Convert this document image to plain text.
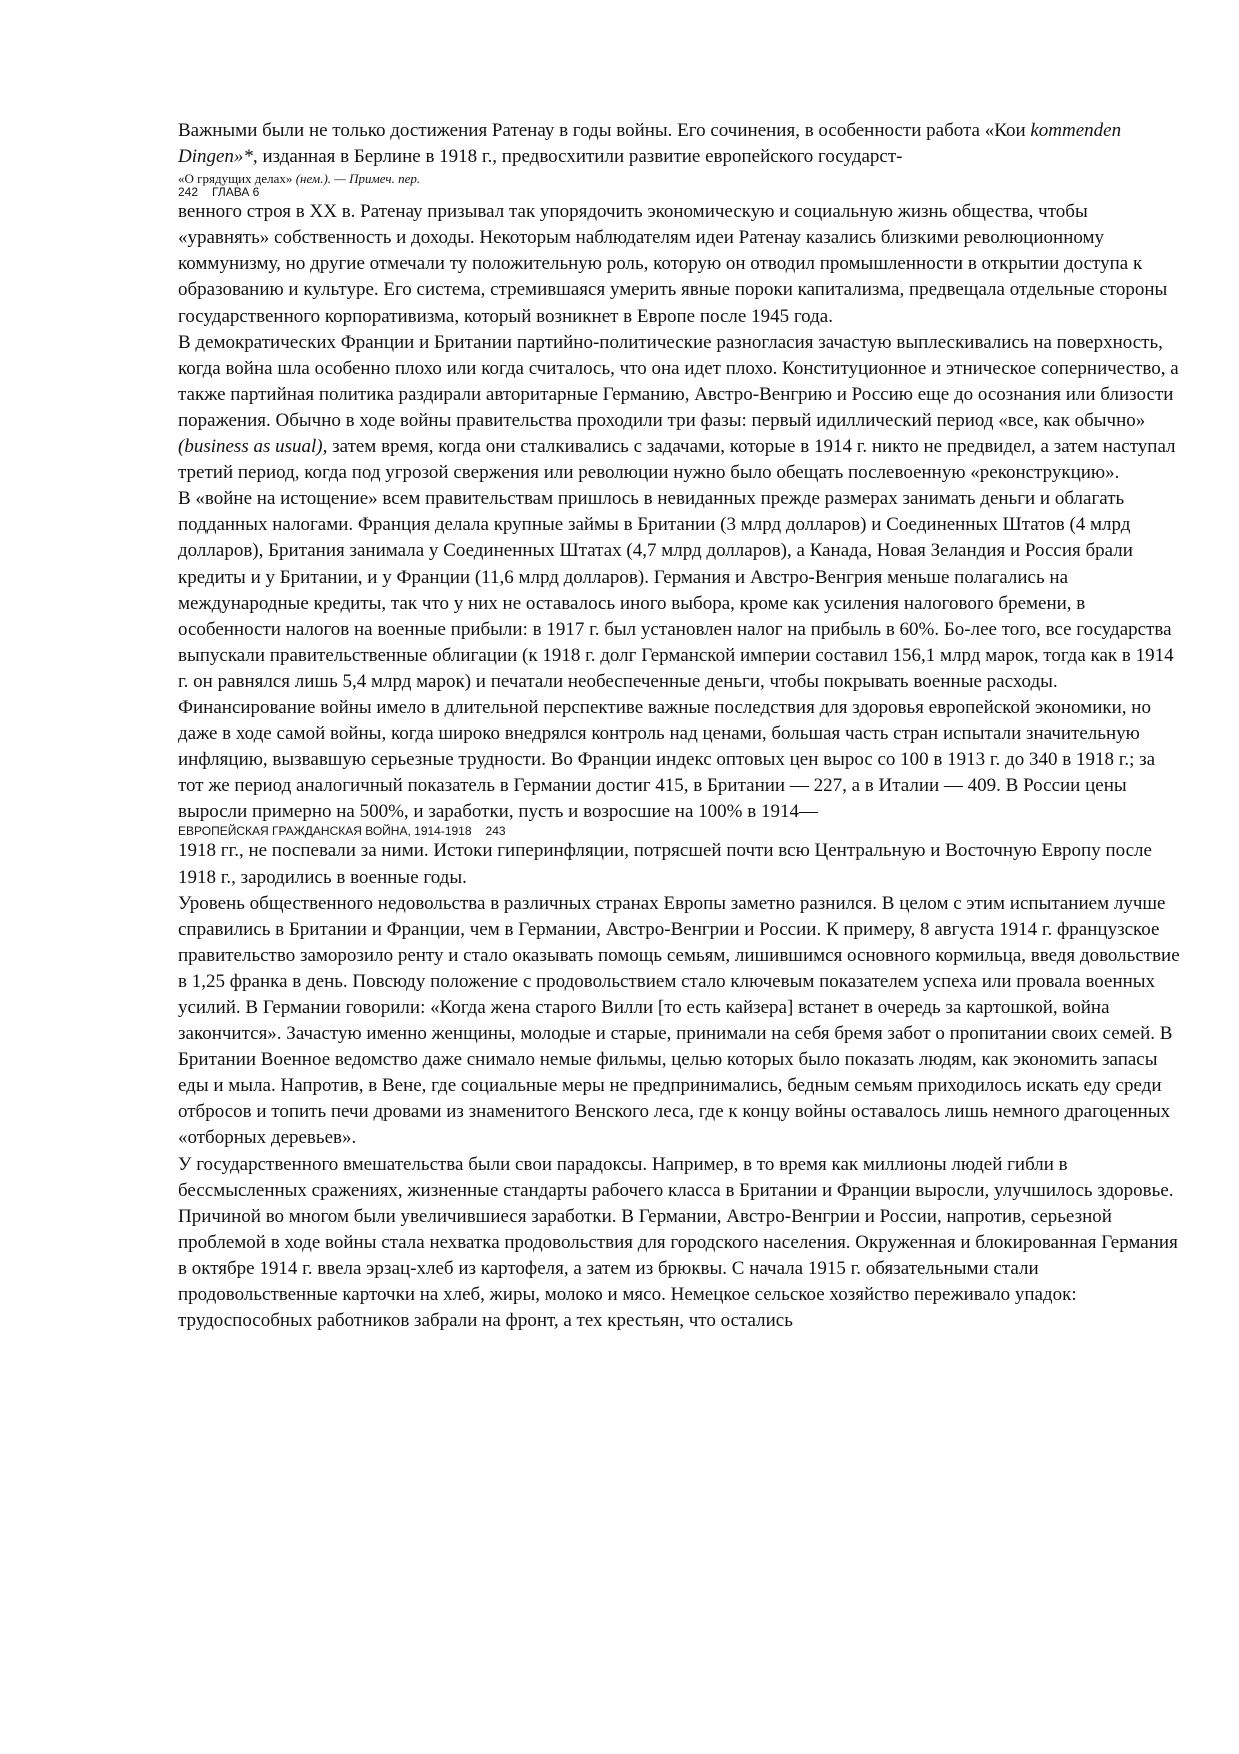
Важными были не только достижения Ратенау в годы войны. Его сочинения, в особенности работа «Кои kommenden Dingen»*, изданная в Берлине в 1918 г., предвосхитили развитие европейского государст-

«О грядущих делах» (нем.). — Примеч. пер.

242 ГЛАВА 6

венного строя в XX в. Ратенау призывал так упорядочить экономическую и социальную жизнь общества, чтобы «уравнять» собственность и доходы. Некоторым наблюдателям идеи Ратенау казались близкими революционному коммунизму, но другие отмечали ту положительную роль, которую он отводил промышленности в открытии доступа к образованию и культуре. Его система, стремившаяся умерить явные пороки капитализма, предвещала отдельные стороны государственного корпоративизма, который возникнет в Европе после 1945 года.

В демократических Франции и Британии партийно-политические разногласия зачастую выплескивались на поверхность, когда война шла особенно плохо или когда считалось, что она идет плохо. Конституционное и этническое соперничество, а также партийная политика раздирали авторитарные Германию, Австро-Венгрию и Россию еще до осознания или близости поражения. Обычно в ходе войны правительства проходили три фазы: первый идиллический период «все, как обычно» (business as usual), затем время, когда они сталкивались с задачами, которые в 1914 г. никто не предвидел, а затем наступал третий период, когда под угрозой свержения или революции нужно было обещать послевоенную «реконструкцию».

В «войне на истощение» всем правительствам пришлось в невиданных прежде размерах занимать деньги и облагать подданных налогами. Франция делала крупные займы в Британии (3 млрд долларов) и Соединенных Штатов (4 млрд долларов), Британия занимала у Соединенных Штатах (4,7 млрд долларов), а Канада, Новая Зеландия и Россия брали кредиты и у Британии, и у Франции (11,6 млрд долларов). Германия и Австро-Венгрия меньше полагались на международные кредиты, так что у них не оставалось иного выбора, кроме как усиления налогового бремени, в особенности налогов на военные прибыли: в 1917 г. был установлен налог на прибыль в 60%. Бо-лее того, все государства выпускали правительственные облигации (к 1918 г. долг Германской империи составил 156,1 млрд марок, тогда как в 1914 г. он равнялся лишь 5,4 млрд марок) и печатали необеспеченные деньги, чтобы покрывать военные расходы.

Финансирование войны имело в длительной перспективе важные последствия для здоровья европейской экономики, но даже в ходе самой войны, когда широко внедрялся контроль над ценами, большая часть стран испытали значительную инфляцию, вызвавшую серьезные трудности. Во Франции индекс оптовых цен вырос со 100 в 1913 г. до 340 в 1918 г.; за тот же период аналогичный показатель в Германии достиг 415, в Британии — 227, а в Италии — 409. В России цены выросли примерно на 500%, и заработки, пусть и возросшие на 100% в 1914—

ЕВРОПЕЙСКАЯ ГРАЖДАНСКАЯ ВОЙНА, 1914-1918 243

1918 гг., не поспевали за ними. Истоки гиперинфляции, потрясшей почти всю Центральную и Восточную Европу после 1918 г., зародились в военные годы.

Уровень общественного недовольства в различных странах Европы заметно разнился. В целом с этим испытанием лучше справились в Британии и Франции, чем в Германии, Австро-Венгрии и России. К примеру, 8 августа 1914 г. французское правительство заморозило ренту и стало оказывать помощь семьям, лишившимся основного кормильца, введя довольствие в 1,25 франка в день. Повсюду положение с продовольствием стало ключевым показателем успеха или провала военных усилий. В Германии говорили: «Когда жена старого Вилли [то есть кайзера] встанет в очередь за картошкой, война закончится». Зачастую именно женщины, молодые и старые, принимали на себя бремя забот о пропитании своих семей. В Британии Военное ведомство даже снимало немые фильмы, целью которых было показать людям, как экономить запасы еды и мыла. Напротив, в Вене, где социальные меры не предпринимались, бедным семьям приходилось искать еду среди отбросов и топить печи дровами из знаменитого Венского леса, где к концу войны оставалось лишь немного драгоценных «отборных деревьев».

У государственного вмешательства были свои парадоксы. Например, в то время как миллионы людей гибли в бессмысленных сражениях, жизненные стандарты рабочего класса в Британии и Франции выросли, улучшилось здоровье. Причиной во многом были увеличившиеся заработки. В Германии, Австро-Венгрии и России, напротив, серьезной проблемой в ходе войны стала нехватка продовольствия для городского населения. Окруженная и блокированная Германия в октябре 1914 г. ввела эрзац-хлеб из картофеля, а затем из брюквы. С начала 1915 г. обязательными стали продовольственные карточки на хлеб, жиры, молоко и мясо. Немецкое сельское хозяйство переживало упадок: трудоспособных работников забрали на фронт, а тех крестьян, что остались
